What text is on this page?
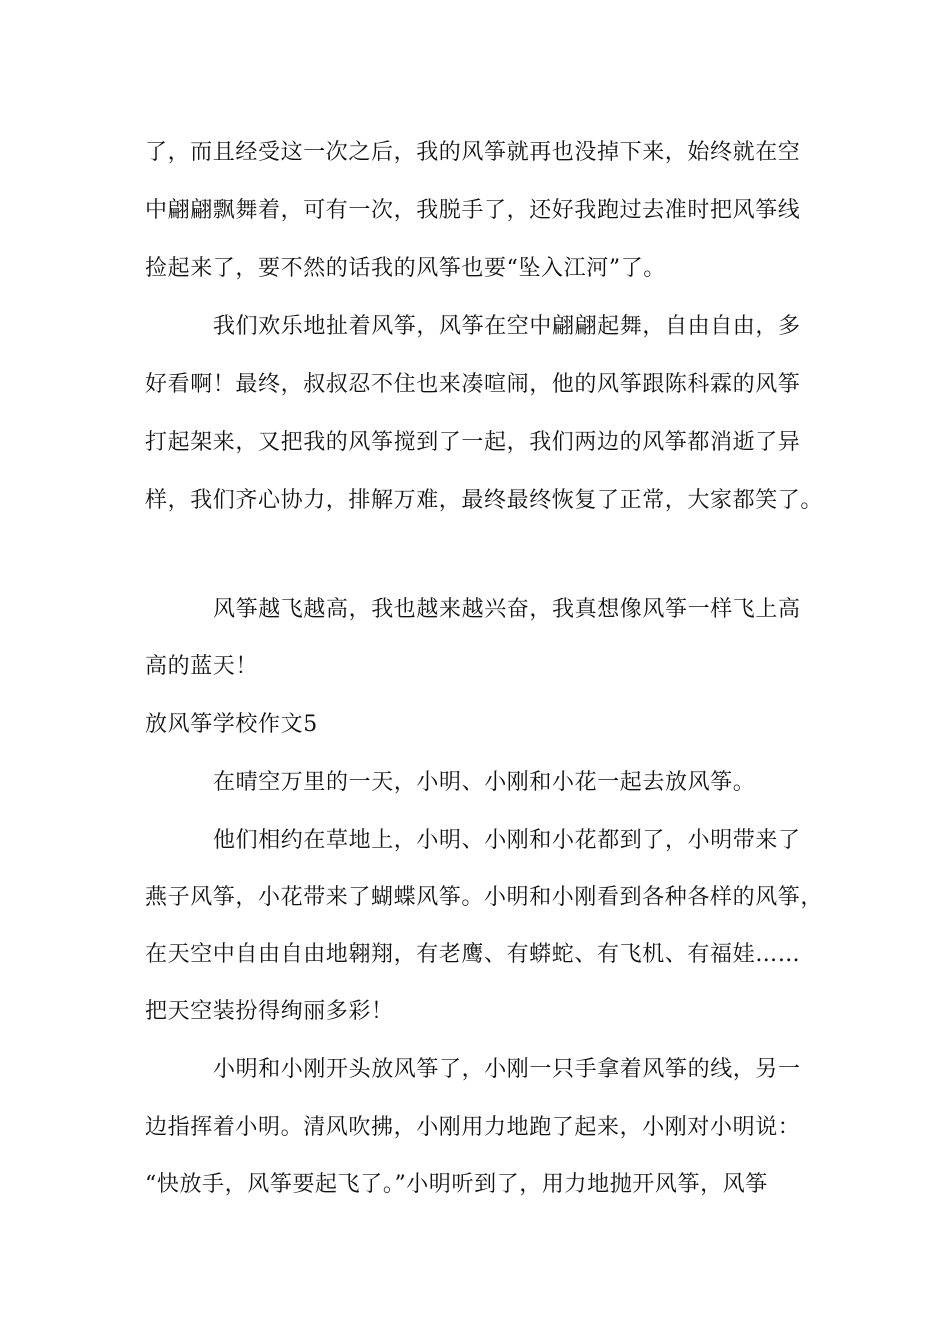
了，而且经受这一次之后，我的风筝就再也没掉下来，始终就在空

中翩翩飘舞着，可有一次，我脱手了，还好我跑过去准时把风筝线

捡起来了，要不然的话我的风筝也要“坠入江河”了。

我们欢乐地扯着风筝，风筝在空中翩翩起舞，自由自由，多

好看啊！最终，叔叔忍不住也来凑喧闹，他的风筝跟陈科霖的风筝

打起架来，又把我的风筝搅到了一起，我们两边的风筝都消逝了异

样，我们齐心协力，排解万难，最终最终恢复了正常，大家都笑了。

风筝越飞越高，我也越来越兴奋，我真想像风筝一样飞上高

高的蓝天！

放风筝学校作文5

在晴空万里的一天，小明、小刚和小花一起去放风筝。

他们相约在草地上，小明、小刚和小花都到了，小明带来了

燕子风筝，小花带来了蝴蝶风筝。小明和小刚看到各种各样的风筝，

在天空中自由自由地翱翔，有老鹰、有蟒蛇、有飞机、有福娃……

把天空装扮得绚丽多彩！

小明和小刚开头放风筝了，小刚一只手拿着风筝的线，另一

边指挥着小明。清风吹拂，小刚用力地跑了起来，小刚对小明说：

“快放手，风筝要起飞了。”小明听到了，用力地抛开风筝，风筝
